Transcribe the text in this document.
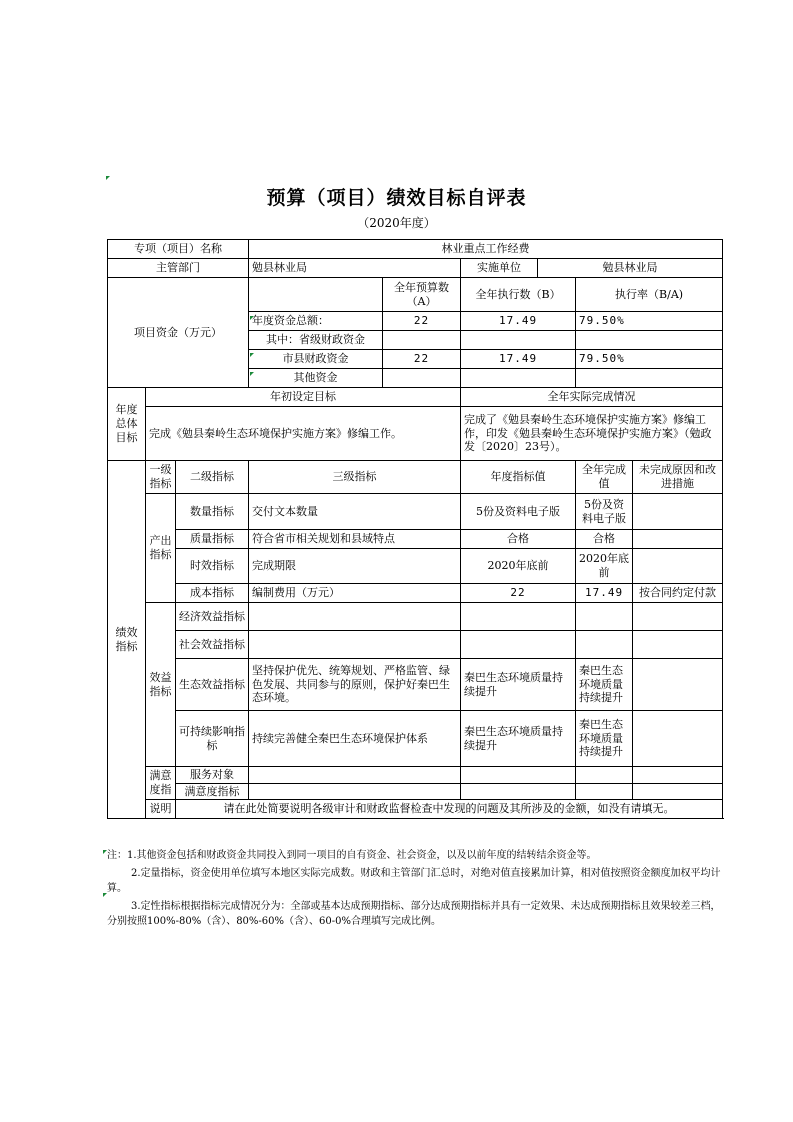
预算（项目）绩效目标自评表
（2020年度）
专项（项目）名称			林业重点工作经费					
主管部门			勉县林业局		实施单位	勉县林业局		
项目资金（万元）				全年预算数（A）	全年执行数（B）		执行率（B/A)	
			年度资金总额：	22	17.49		79.50%	
			其中：省级财政资金					
			市县财政资金	22	17.49		79.50%	
			其他资金					
年度总体目标	年初设定目标				全年实际完成情况			
	完成《勉县秦岭生态环境保护实施方案》修编工作。				完成了《勉县秦岭生态环境保护实施方案》修编工作，印发《勉县秦岭生态环境保护实施方案》（勉政发〔2020〕23号）。			
绩效指标	一级指标	二级指标	三级指标		年度指标值		全年完成值	未完成原因和改进措施
	产出指标	数量指标	交付文本数量		5份及资料电子版		5份及资料电子版	
		质量指标	符合省市相关规划和县域特点		合格		合格	
		时效指标	完成期限		2020年底前		2020年底前	
		成本指标	编制费用（万元）		22		17.49	按合同约定付款
	效益指标	经济效益指标						
		社会效益指标						
		生态效益指标	坚持保护优先、统筹规划、严格监管、绿色发展、共同参与的原则，保护好秦巴生态环境。		秦巴生态环境质量持续提升		秦巴生态环境质量持续提升	
		可持续影响指标	持续完善健全秦巴生态环境保护体系		秦巴生态环境质量持续提升		秦巴生态环境质量持续提升	
	满意度指	服务对象						
		满意度指标						
	说明	请在此处简要说明各级审计和财政监督检查中发现的问题及其所涉及的金额，如没有请填无。						
注：1.其他资金包括和财政资金共同投入到同一项目的自有资金、社会资金，以及以前年度的结转结余资金等。
2.定量指标，资金使用单位填写本地区实际完成数。财政和主管部门汇总时，对绝对值直接累加计算，相对值按照资金额度加权平均计算。
3.定性指标根据指标完成情况分为：全部或基本达成预期指标、部分达成预期指标并具有一定效果、未达成预期指标且效果较差三档，分别按照100%-80%（含）、80%-60%（含）、60-0%合理填写完成比例。
